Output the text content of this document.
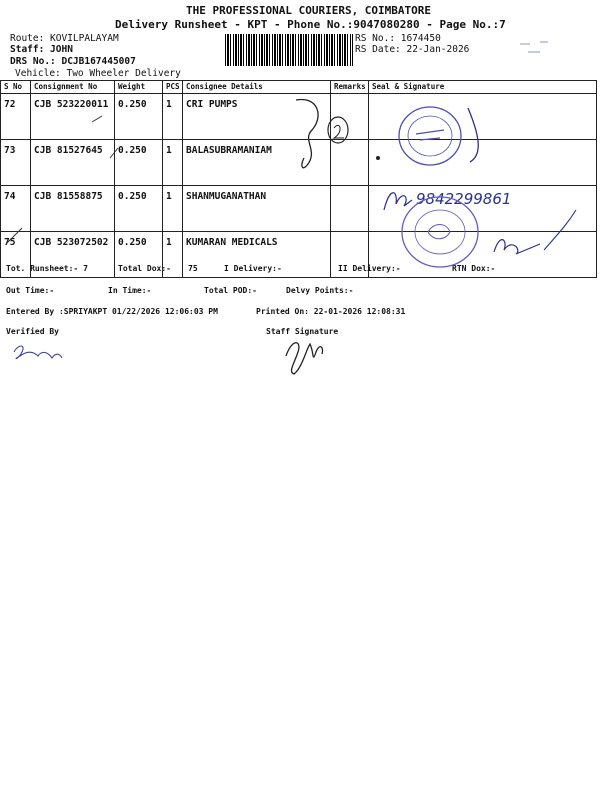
THE PROFESSIONAL COURIERS, COIMBATORE
Delivery Runsheet - KPT - Phone No.:9047080280 - Page No.:7
Route: KOVILPALAYAM
Staff: JOHN
DRS No.: DCJB167445007
Vehicle: Two Wheeler Delivery
RS No.: 1674450
RS Date: 22-Jan-2026
S No	Consignment No	Weight	PCS	Consignee Details	Remarks	Seal & Signature
72	CJB 523220011	0.250	1	CRI PUMPS		
73	CJB 81527645	0.250	1	BALASUBRAMANIAM		
74	CJB 81558875	0.250	1	SHANMUGANATHAN		
75	CJB 523072502	0.250	1	KUMARAN MEDICALS		
Tot. Runsheet:- 7	Total Dox:- 75	I Delivery:-	II Delivery:-	RTN Dox:-
Out Time:-	In Time:-	Total POD:-	Delvy Points:-
Entered By :SPRIYAKPT 01/22/2026 12:06:03 PM	Printed On: 22-01-2026 12:08:31
Verified By	Staff Signature
9842299861
